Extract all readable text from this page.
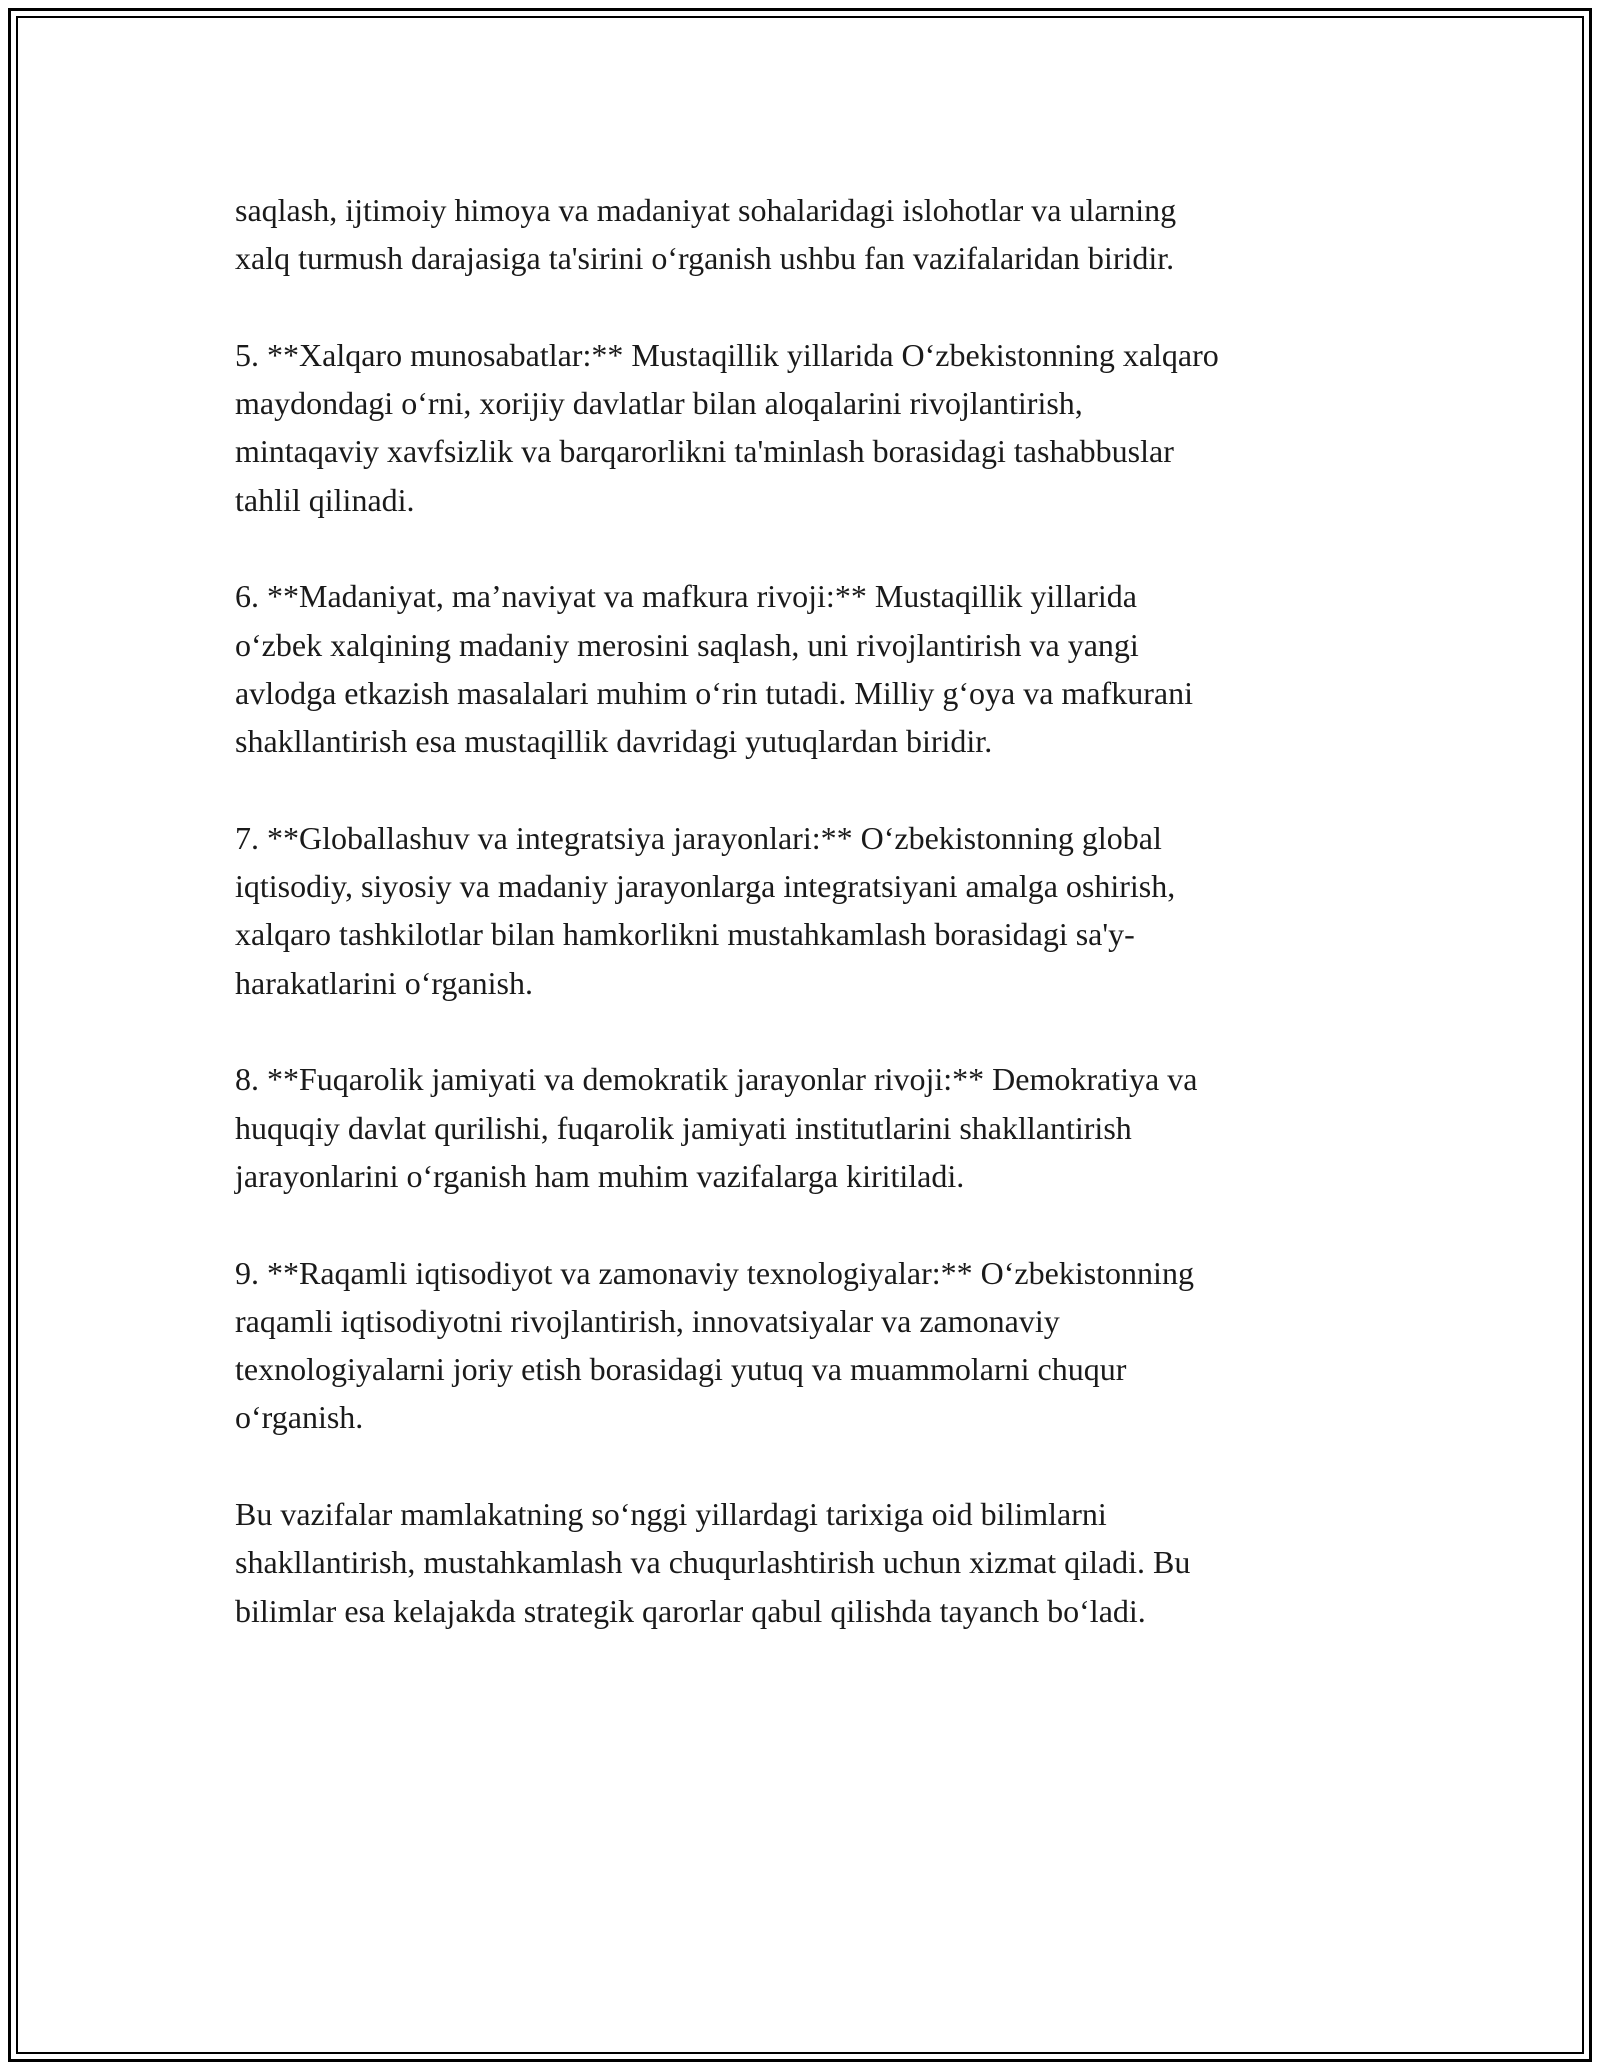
saqlash, ijtimoiy himoya va madaniyat sohalaridagi islohotlar va ularning
xalq turmush darajasiga ta'sirini o‘rganish ushbu fan vazifalaridan biridir.

5. **Xalqaro munosabatlar:** Mustaqillik yillarida O‘zbekistonning xalqaro
maydondagi o‘rni, xorijiy davlatlar bilan aloqalarini rivojlantirish,
mintaqaviy xavfsizlik va barqarorlikni ta'minlash borasidagi tashabbuslar
tahlil qilinadi.

6. **Madaniyat, ma’naviyat va mafkura rivoji:** Mustaqillik yillarida
o‘zbek xalqining madaniy merosini saqlash, uni rivojlantirish va yangi
avlodga etkazish masalalari muhim o‘rin tutadi. Milliy g‘oya va mafkurani
shakllantirish esa mustaqillik davridagi yutuqlardan biridir.

7. **Globallashuv va integratsiya jarayonlari:** O‘zbekistonning global
iqtisodiy, siyosiy va madaniy jarayonlarga integratsiyani amalga oshirish,
xalqaro tashkilotlar bilan hamkorlikni mustahkamlash borasidagi sa'y-
harakatlarini o‘rganish.

8. **Fuqarolik jamiyati va demokratik jarayonlar rivoji:** Demokratiya va
huquqiy davlat qurilishi, fuqarolik jamiyati institutlarini shakllantirish
jarayonlarini o‘rganish ham muhim vazifalarga kiritiladi.

9. **Raqamli iqtisodiyot va zamonaviy texnologiyalar:** O‘zbekistonning
raqamli iqtisodiyotni rivojlantirish, innovatsiyalar va zamonaviy
texnologiyalarni joriy etish borasidagi yutuq va muammolarni chuqur
o‘rganish.

Bu vazifalar mamlakatning so‘nggi yillardagi tarixiga oid bilimlarni
shakllantirish, mustahkamlash va chuqurlashtirish uchun xizmat qiladi. Bu
bilimlar esa kelajakda strategik qarorlar qabul qilishda tayanch bo‘ladi.
